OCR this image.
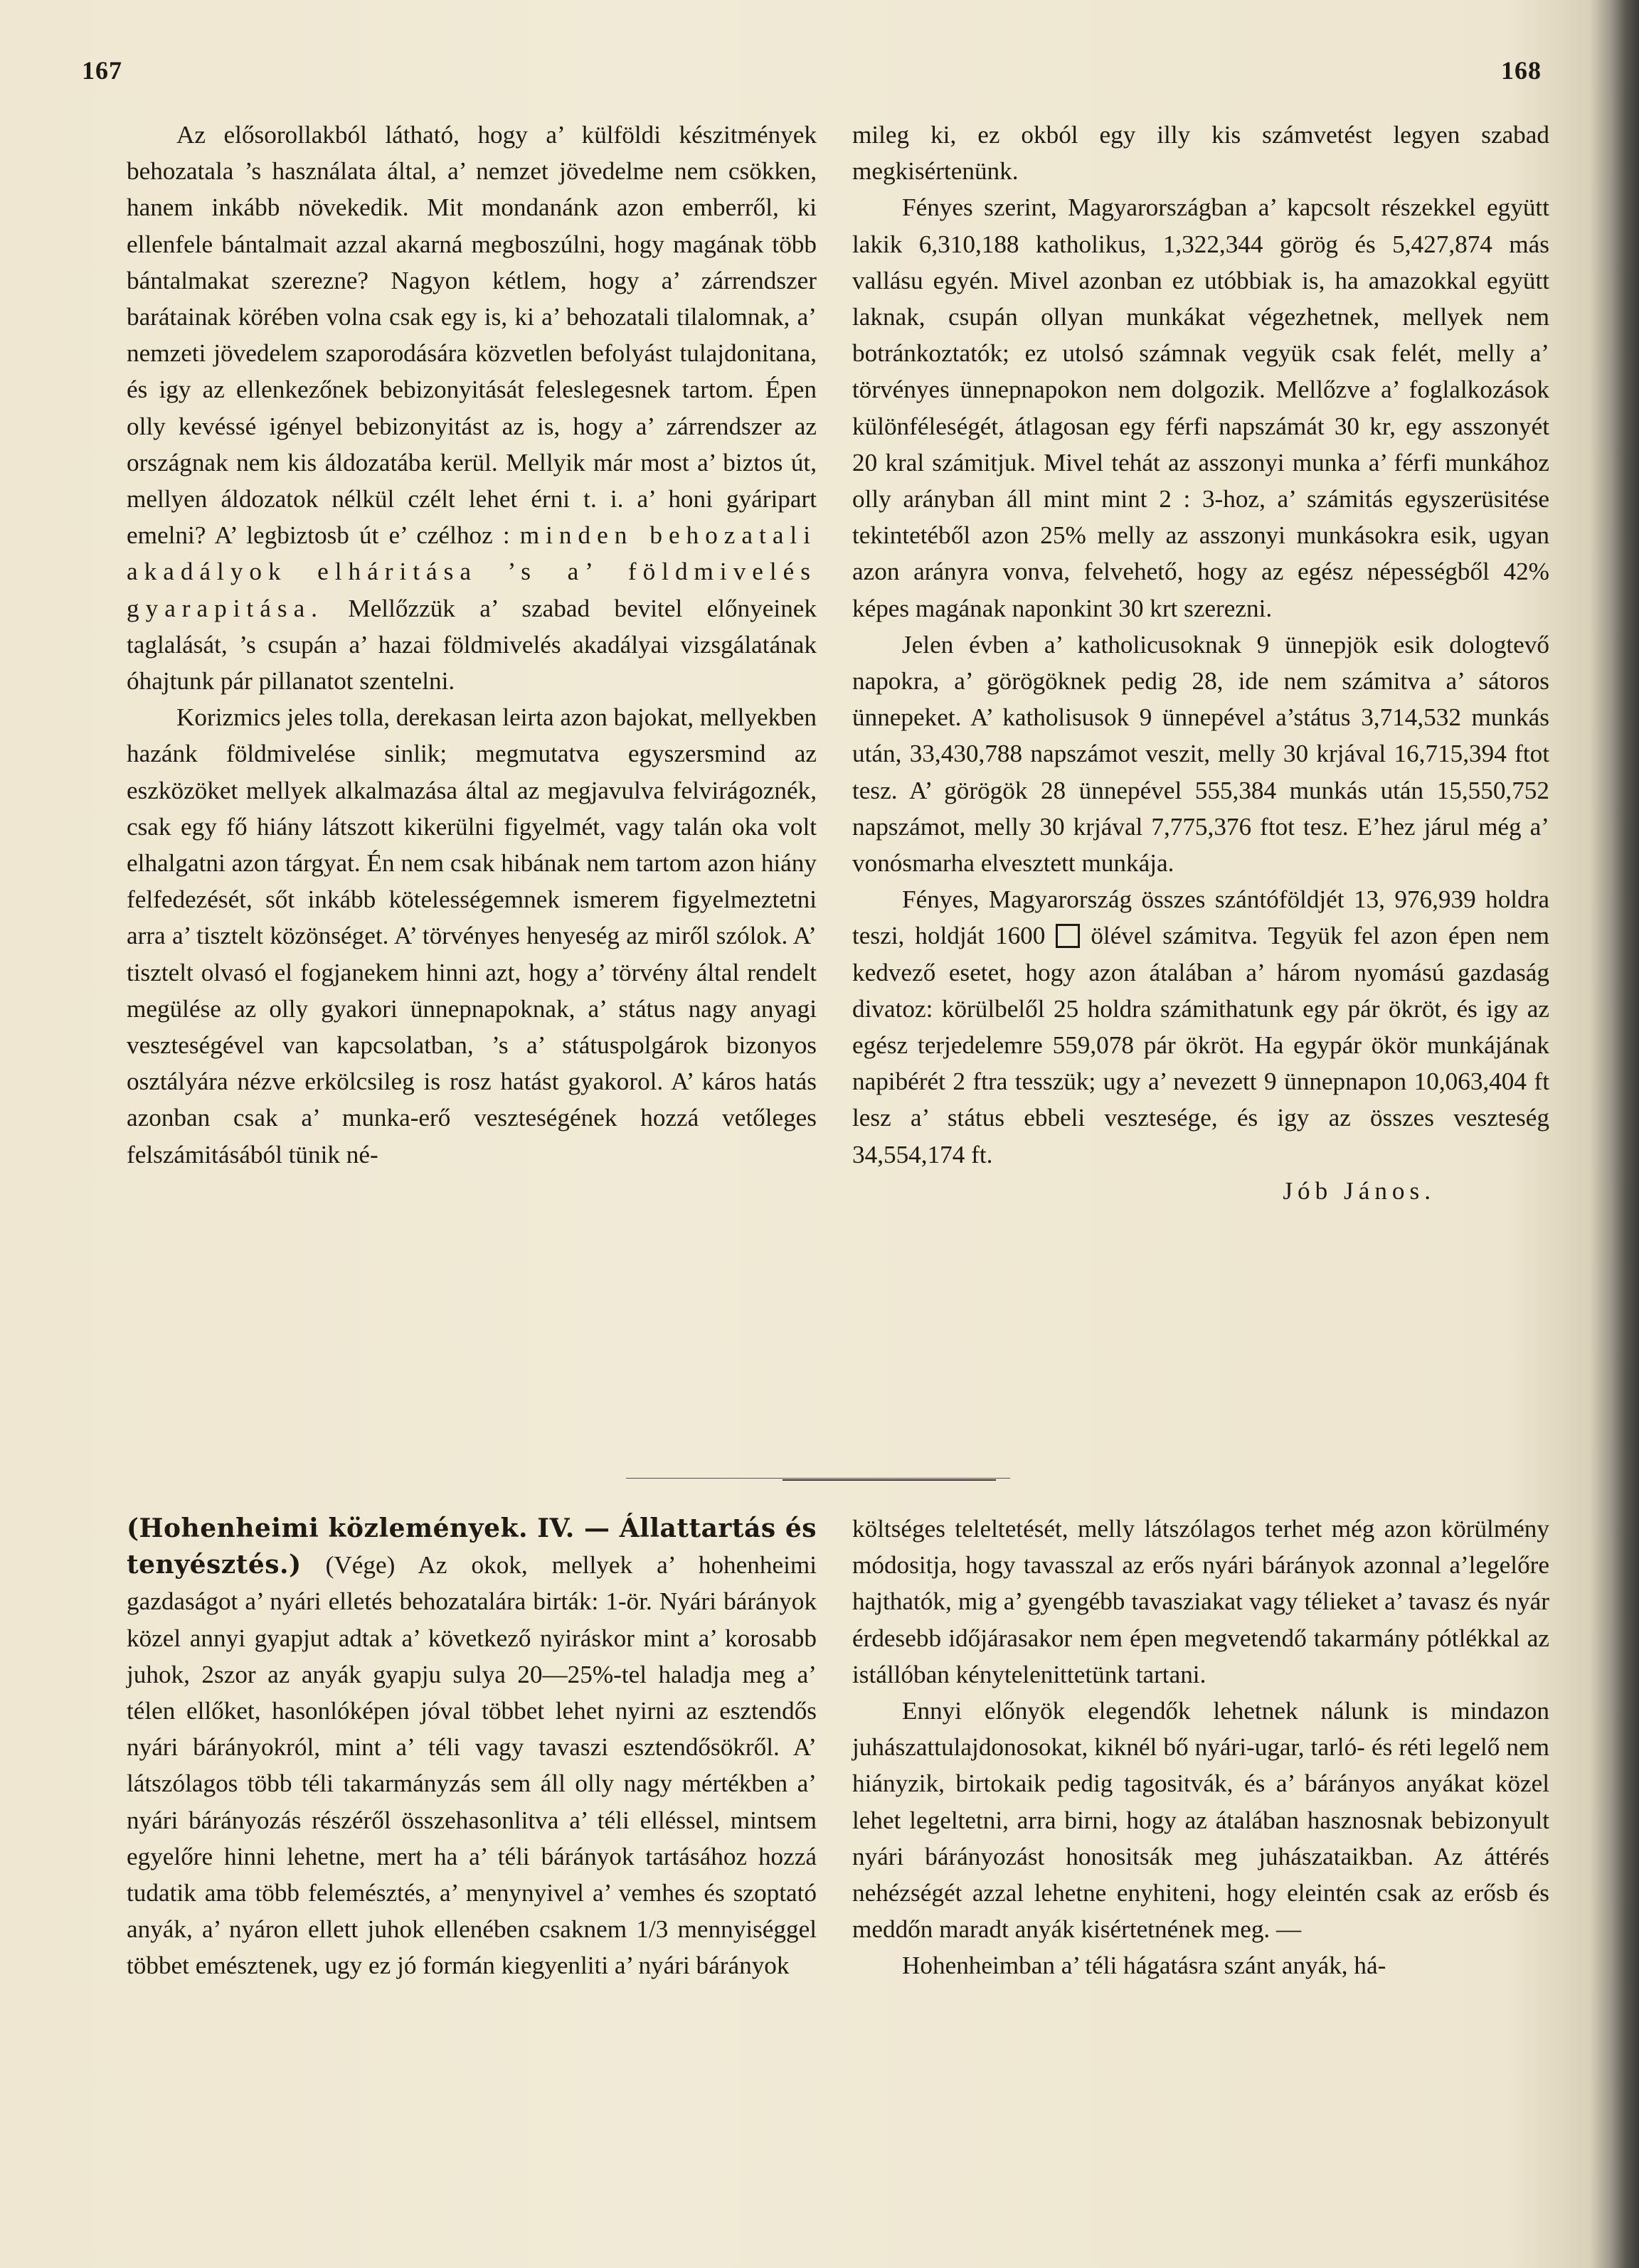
167	168

Az elősorollakból látható, hogy a’ külföldi készitmények behozatala ’s használata által, a’ nemzet jövedelme nem csökken, hanem inkább növekedik. Mit mondanánk azon emberről, ki ellenfele bántalmait azzal akarná megboszúlni, hogy magának több bántalmakat szerezne? Nagyon kétlem, hogy a’ zárrendszer barátainak körében volna csak egy is, ki a’ behozatali tilalomnak, a’ nemzeti jövedelem szaporodására közvetlen befolyást tulajdonitana, és igy az ellenkezőnek bebizonyitását feleslegesnek tartom. Épen olly kevéssé igényel bebizonyitást az is, hogy a’ zárrendszer az országnak nem kis áldozatába kerül. Mellyik már most a’ biztos út, mellyen áldozatok nélkül czélt lehet érni t. i. a’ honi gyáripart emelni? A’ legbiztosb út e’ czélhoz : minden behozatali akadályok elháritása ’s a’ földmivelés gyarapitása. Mellőzzük a’ szabad bevitel előnyeinek taglalását, ’s csupán a’ hazai földmivelés akadályai vizsgálatának óhajtunk pár pillanatot szentelni.

Korizmics jeles tolla, derekasan leirta azon bajokat, mellyekben hazánk földmivelése sinlik; megmutatva egyszersmind az eszközöket mellyek alkalmazása által az megjavulva felvirágoznék, csak egy fő hiány látszott kikerülni figyelmét, vagy talán oka volt elhalgatni azon tárgyat. Én nem csak hibának nem tartom azon hiány felfedezését, sőt inkább kötelességemnek ismerem figyelmeztetni arra a’ tisztelt közönséget. A’ törvényes henyeség az miről szólok. A’ tisztelt olvasó el fogjanekem hinni azt, hogy a’ törvény által rendelt megülése az olly gyakori ünnepnapoknak, a’ státus nagy anyagi veszteségével van kapcsolatban, ’s a’ státuspolgárok bizonyos osztályára nézve erkölcsileg is rosz hatást gyakorol. A’ káros hatás azonban csak a’ munka-erő veszteségének hozzá vetőleges felszámitásából tünik né-

mileg ki, ez okból egy illy kis számvetést legyen szabad megkisértenünk.

Fényes szerint, Magyarországban a’ kapcsolt részekkel együtt lakik 6,310,188 katholikus, 1,322,344 görög és 5,427,874 más vallásu egyén. Mivel azonban ez utóbbiak is, ha amazokkal együtt laknak, csupán ollyan munkákat végezhetnek, mellyek nem botránkoztatók; ez utolsó számnak vegyük csak felét, melly a’ törvényes ünnepnapokon nem dolgozik. Mellőzve a’ foglalkozások különféleségét, átlagosan egy férfi napszámát 30 kr, egy asszonyét 20 kral számitjuk. Mivel tehát az asszonyi munka a’ férfi munkához olly arányban áll mint mint 2 : 3-hoz, a’ számitás egyszerüsitése tekintetéből azon 25% melly az asszonyi munkásokra esik, ugyan azon arányra vonva, felvehető, hogy az egész népességből 42% képes magának naponkint 30 krt szerezni.

Jelen évben a’ katholicusoknak 9 ünnepjök esik dologtevő napokra, a’ görögöknek pedig 28, ide nem számitva a’ sátoros ünnepeket. A’ katholisusok 9 ünnepével a’státus 3,714,532 munkás után, 33,430,788 napszámot veszit, melly 30 krjával 16,715,394 ftot tesz. A’ görögök 28 ünnepével 555,384 munkás után 15,550,752 napszámot, melly 30 krjával 7,775,376 ftot tesz. E’hez járul még a’ vonósmarha elvesztett munkája.

Fényes, Magyarország összes szántóföldjét 13, 976,939 holdra teszi, holdját 1600 ölével számitva. Tegyük fel azon épen nem kedvező esetet, hogy azon átalában a’ három nyomású gazdaság divatoz: körülbelől 25 holdra számithatunk egy pár ökröt, és igy az egész terjedelemre 559,078 pár ökröt. Ha egypár ökör munkájának napibérét 2 ftra tesszük; ugy a’ nevezett 9 ünnepnapon 10,063,404 ft lesz a’ státus ebbeli vesztesége, és igy az összes veszteség 34,554,174 ft.

Jób János.

(Hohenheimi közlemények. IV. — Állattartás és tenyésztés.) (Vége) Az okok, mellyek a’ hohenheimi gazdaságot a’ nyári elletés behozatalára birták: 1-ör. Nyári bárányok közel annyi gyapjut adtak a’ következő nyiráskor mint a’ korosabb juhok, 2szor az anyák gyapju sulya 20—25%-tel haladja meg a’ télen ellőket, hasonlóképen jóval többet lehet nyirni az esztendős nyári bárányokról, mint a’ téli vagy tavaszi esztendősökről. A’ látszólagos több téli takarmányzás sem áll olly nagy mértékben a’ nyári bárányozás részéről összehasonlitva a’ téli elléssel, mintsem egyelőre hinni lehetne, mert ha a’ téli bárányok tartásához hozzá tudatik ama több felemésztés, a’ menynyivel a’ vemhes és szoptató anyák, a’ nyáron ellett juhok ellenében csaknem 1/3 mennyiséggel többet emésztenek, ugy ez jó formán kiegyenliti a’ nyári bárányok

költséges teleltetését, melly látszólagos terhet még azon körülmény módositja, hogy tavasszal az erős nyári bárányok azonnal a’legelőre hajthatók, mig a’ gyengébb tavasziakat vagy télieket a’ tavasz és nyár érdesebb időjárasakor nem épen megvetendő takarmány pótlékkal az istállóban kénytelenittetünk tartani.

Ennyi előnyök elegendők lehetnek nálunk is mindazon juhászattulajdonosokat, kiknél bő nyári-ugar, tarló- és réti legelő nem hiányzik, birtokaik pedig tagositvák, és a’ bárányos anyákat közel lehet legeltetni, arra birni, hogy az átalában hasznosnak bebizonyult nyári bárányozást honositsák meg juhászataikban. Az áttérés nehézségét azzal lehetne enyhiteni, hogy eleintén csak az erősb és meddőn maradt anyák kisértetnének meg. —

Hohenheimban a’ téli hágatásra szánt anyák, há-
